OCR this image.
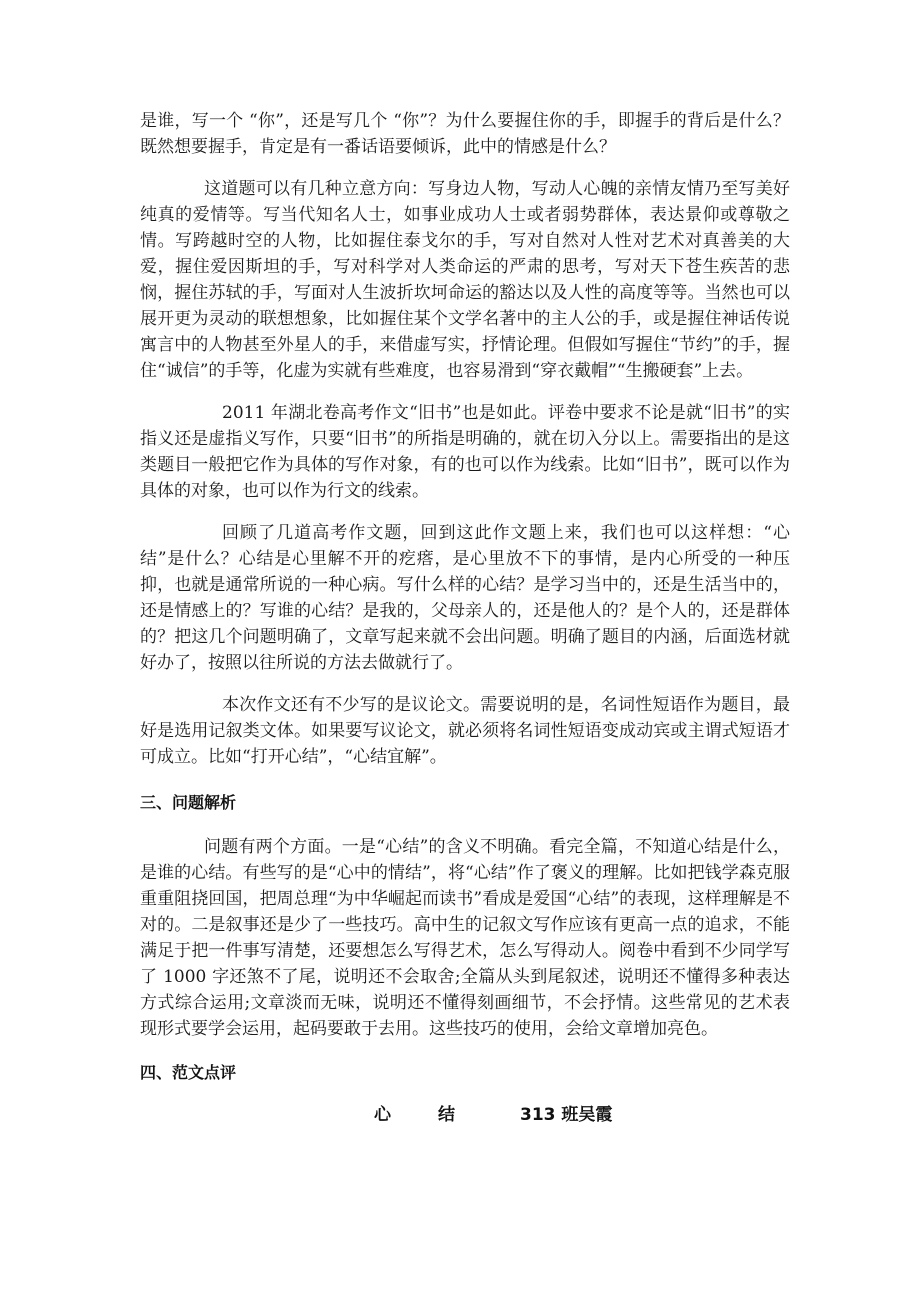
是谁，写一个 “你”，还是写几个 “你”？为什么要握住你的手，即握手的背后是什么？既然想要握手，肯定是有一番话语要倾诉，此中的情感是什么？

这道题可以有几种立意方向：写身边人物，写动人心魄的亲情友情乃至写美好纯真的爱情等。写当代知名人士，如事业成功人士或者弱势群体，表达景仰或尊敬之情。写跨越时空的人物，比如握住泰戈尔的手，写对自然对人性对艺术对真善美的大爱，握住爱因斯坦的手，写对科学对人类命运的严肃的思考，写对天下苍生疾苦的悲悯，握住苏轼的手，写面对人生波折坎坷命运的豁达以及人性的高度等等。当然也可以展开更为灵动的联想想象，比如握住某个文学名著中的主人公的手，或是握住神话传说寓言中的人物甚至外星人的手，来借虚写实，抒情论理。但假如写握住“节约”的手，握住“诚信”的手等，化虚为实就有些难度，也容易滑到“穿衣戴帽”“生搬硬套”上去。

2011 年湖北卷高考作文“旧书”也是如此。评卷中要求不论是就“旧书”的实指义还是虚指义写作，只要“旧书”的所指是明确的，就在切入分以上。需要指出的是这类题目一般把它作为具体的写作对象，有的也可以作为线索。比如“旧书”，既可以作为具体的对象，也可以作为行文的线索。

回顾了几道高考作文题，回到这此作文题上来，我们也可以这样想：“心结”是什么？心结是心里解不开的疙瘩，是心里放不下的事情，是内心所受的一种压抑，也就是通常所说的一种心病。写什么样的心结？是学习当中的，还是生活当中的，还是情感上的？写谁的心结？是我的，父母亲人的，还是他人的？是个人的，还是群体的？把这几个问题明确了，文章写起来就不会出问题。明确了题目的内涵，后面选材就好办了，按照以往所说的方法去做就行了。

本次作文还有不少写的是议论文。需要说明的是，名词性短语作为题目，最好是选用记叙类文体。如果要写议论文，就必须将名词性短语变成动宾或主谓式短语才可成立。比如“打开心结”，“心结宜解”。

三、问题解析

问题有两个方面。一是“心结”的含义不明确。看完全篇，不知道心结是什么，是谁的心结。有些写的是“心中的情结”，将“心结”作了褒义的理解。比如把钱学森克服重重阻挠回国，把周总理“为中华崛起而读书”看成是爱国“心结”的表现，这样理解是不对的。二是叙事还是少了一些技巧。高中生的记叙文写作应该有更高一点的追求，不能满足于把一件事写清楚，还要想怎么写得艺术，怎么写得动人。阅卷中看到不少同学写了 1000 字还煞不了尾，说明还不会取舍;全篇从头到尾叙述，说明还不懂得多种表达方式综合运用;文章淡而无味，说明还不懂得刻画细节，不会抒情。这些常见的艺术表现形式要学会运用，起码要敢于去用。这些技巧的使用，会给文章增加亮色。

四、范文点评

心	结	313 班吴霞
